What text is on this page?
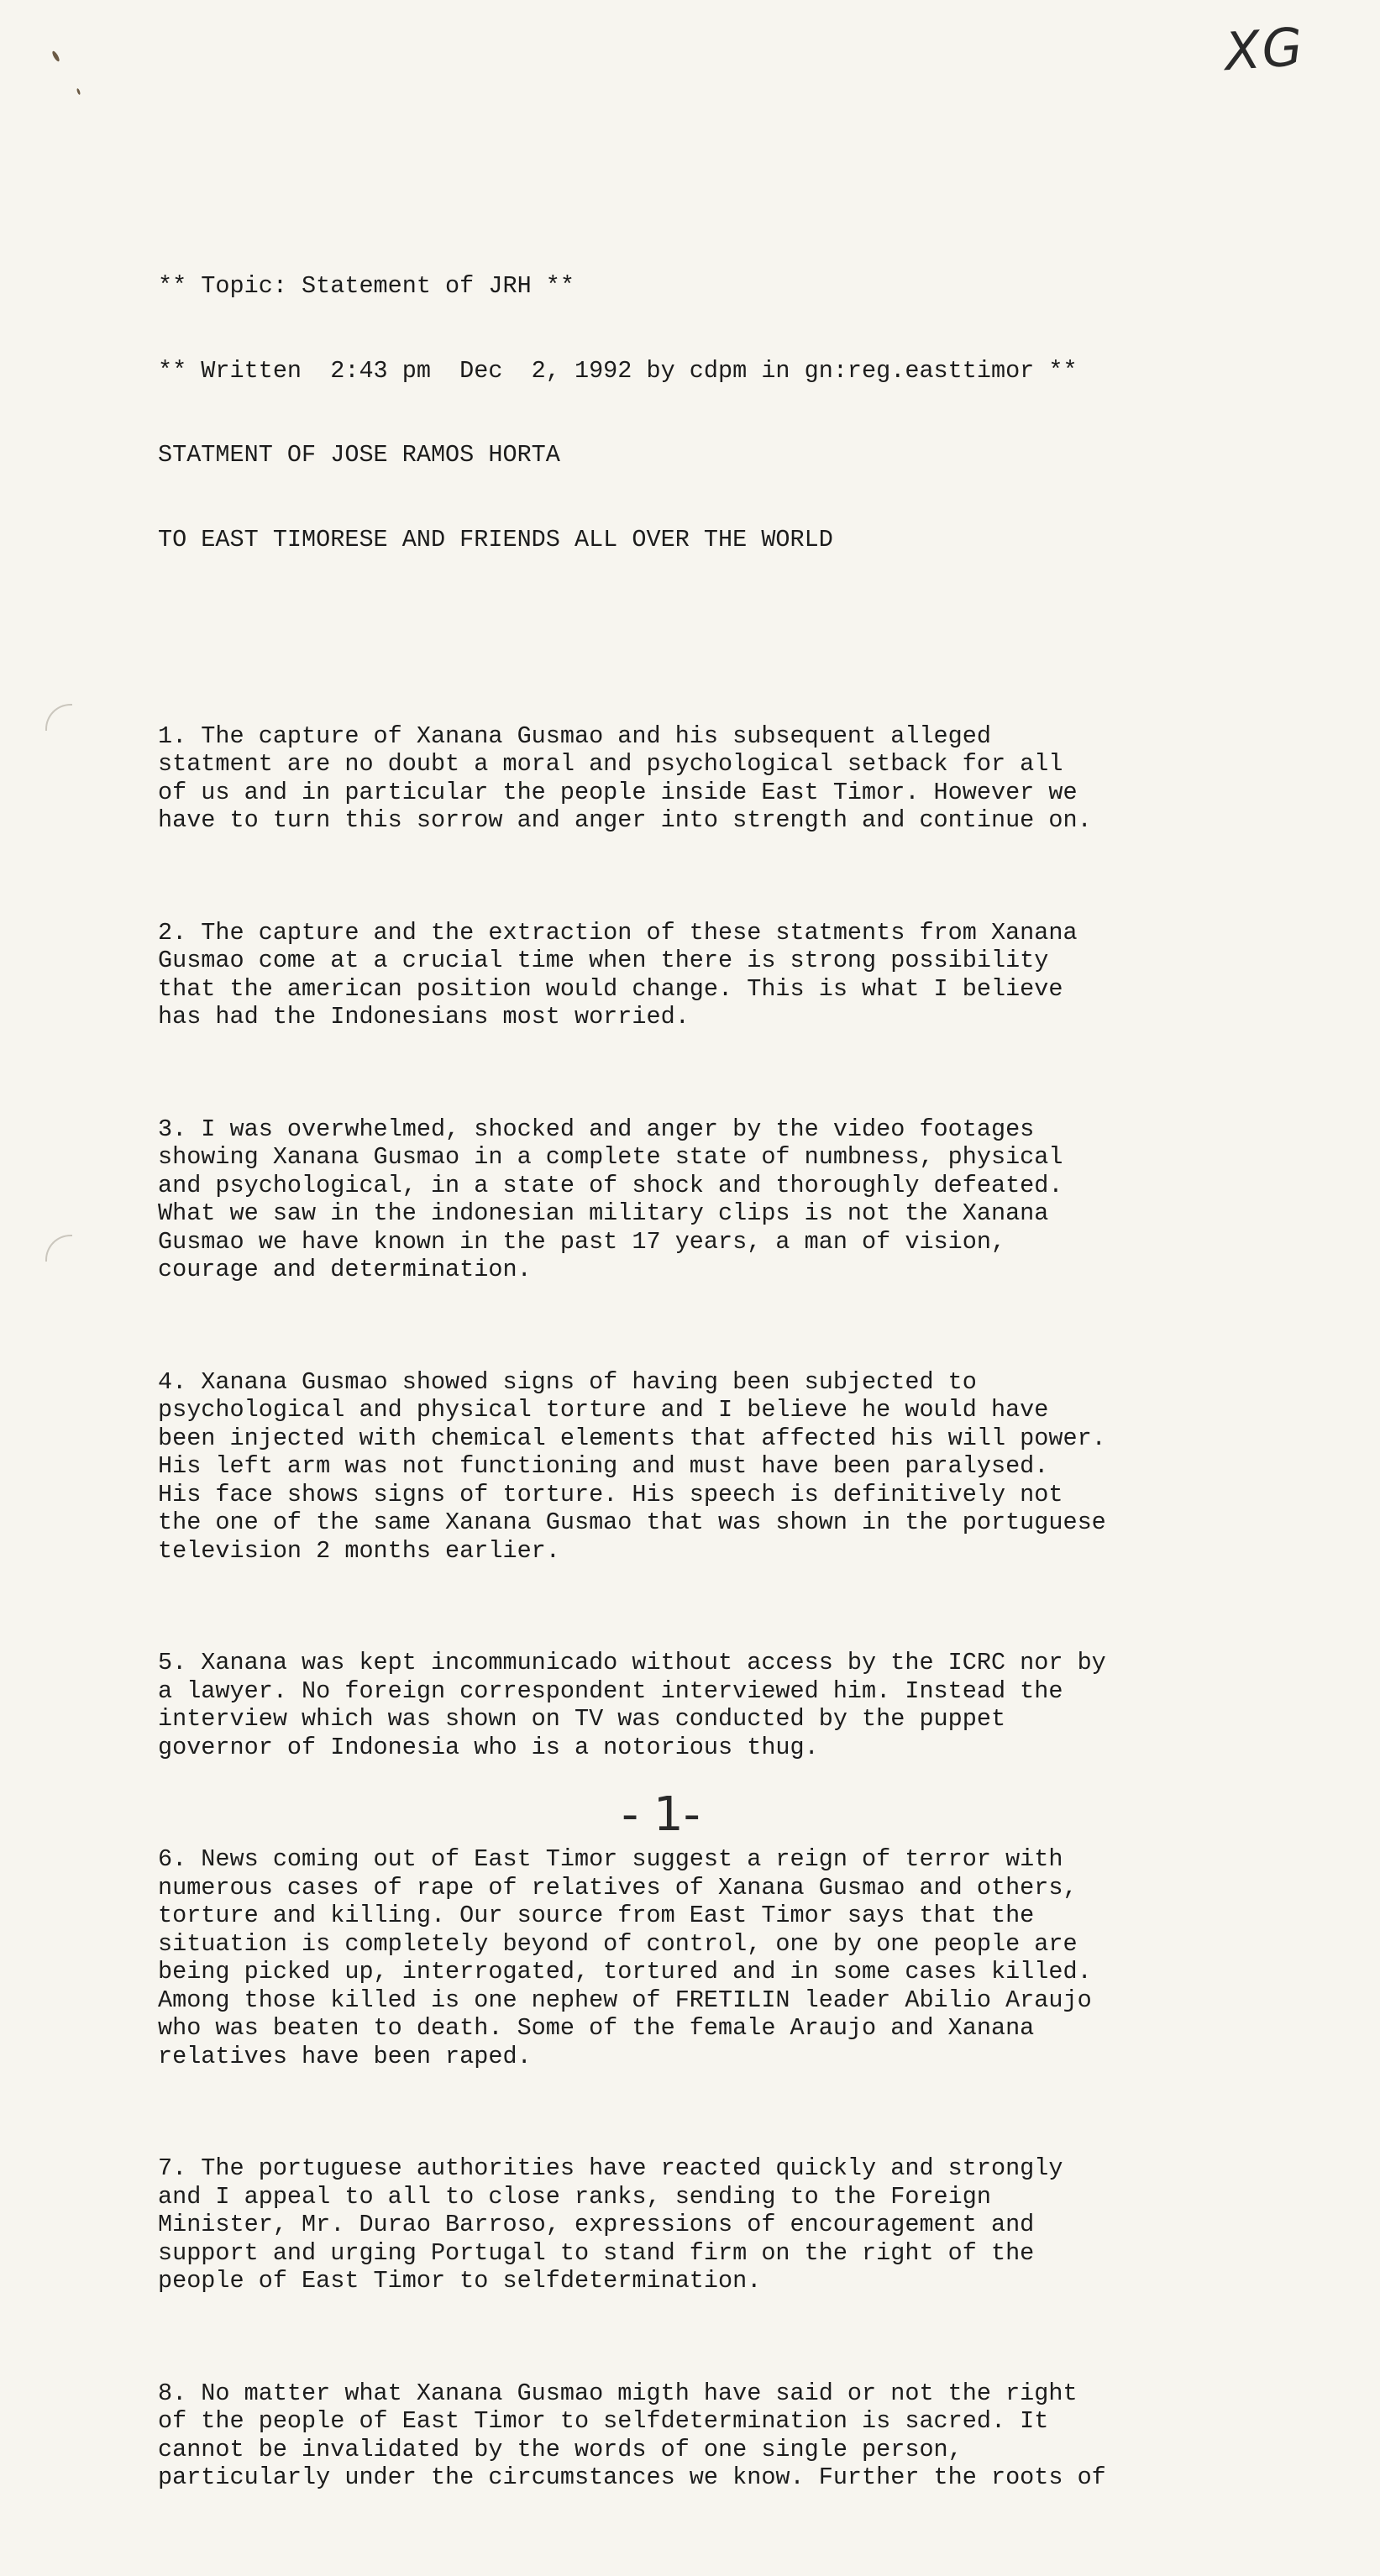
XG

** Topic: Statement of JRH **

** Written  2:43 pm  Dec  2, 1992 by cdpm in gn:reg.easttimor **

STATMENT OF JOSE RAMOS HORTA

TO EAST TIMORESE AND FRIENDS ALL OVER THE WORLD

1. The capture of Xanana Gusmao and his subsequent alleged
statment are no doubt a moral and psychological setback for all
of us and in particular the people inside East Timor. However we
have to turn this sorrow and anger into strength and continue on.

2. The capture and the extraction of these statments from Xanana
Gusmao come at a crucial time when there is strong possibility
that the american position would change. This is what I believe
has had the Indonesians most worried.

3. I was overwhelmed, shocked and anger by the video footages
showing Xanana Gusmao in a complete state of numbness, physical
and psychological, in a state of shock and thoroughly defeated.
What we saw in the indonesian military clips is not the Xanana
Gusmao we have known in the past 17 years, a man of vision,
courage and determination.

4. Xanana Gusmao showed signs of having been subjected to
psychological and physical torture and I believe he would have
been injected with chemical elements that affected his will power.
His left arm was not functioning and must have been paralysed.
His face shows signs of torture. His speech is definitively not
the one of the same Xanana Gusmao that was shown in the portuguese
television 2 months earlier.

5. Xanana was kept incommunicado without access by the ICRC nor by
a lawyer. No foreign correspondent interviewed him. Instead the
interview which was shown on TV was conducted by the puppet
governor of Indonesia who is a notorious thug.

6. News coming out of East Timor suggest a reign of terror with
numerous cases of rape of relatives of Xanana Gusmao and others,
torture and killing. Our source from East Timor says that the
situation is completely beyond of control, one by one people are
being picked up, interrogated, tortured and in some cases killed.
Among those killed is one nephew of FRETILIN leader Abilio Araujo
who was beaten to death. Some of the female Araujo and Xanana
relatives have been raped.

7. The portuguese authorities have reacted quickly and strongly
and I appeal to all to close ranks, sending to the Foreign
Minister, Mr. Durao Barroso, expressions of encouragement and
support and urging Portugal to stand firm on the right of the
people of East Timor to selfdetermination.

8. No matter what Xanana Gusmao migth have said or not the right
of the people of East Timor to selfdetermination is sacred. It
cannot be invalidated by the words of one single person,
particularly under the circumstances we know. Further the roots of

- 1-
